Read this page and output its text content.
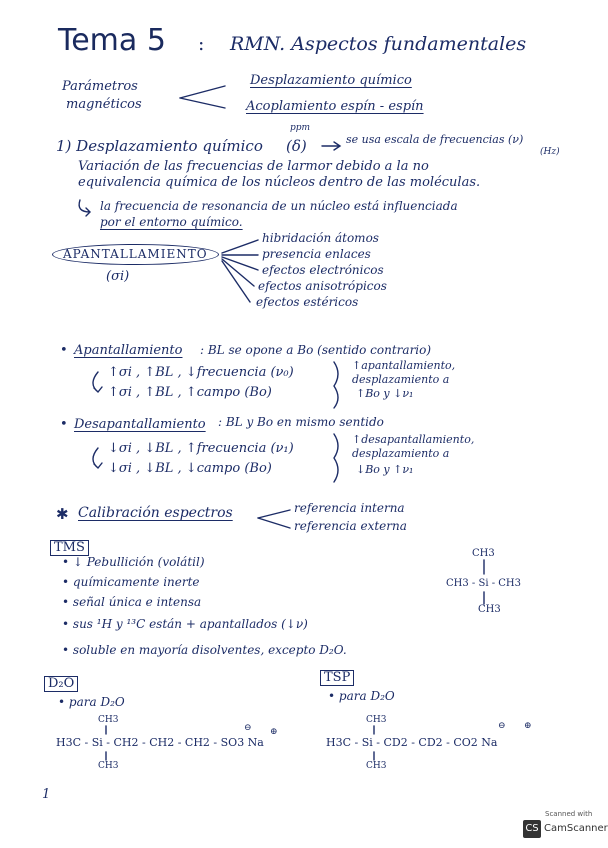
Tema 5 : RMN. Aspectos fundamentales
Parámetros
magnéticos
Desplazamiento químico
Acoplamiento espín - espín
1) Desplazamiento químico (δ)
ppm
se usa escala de frecuencias (ν)
(Hz)
Variación de las frecuencias de larmor debido a la no
equivalencia química de los núcleos dentro de las moléculas.
la frecuencia de resonancia de un núcleo está influenciada
por el entorno químico.
APANTALLAMIENTO
(σi)
hibridación átomos
presencia enlaces
efectos electrónicos
efectos anisotrópicos
efectos estéricos
• Apantallamiento : BL se opone a Bo (sentido contrario)
↑σi , ↑BL , ↓frecuencia (ν₀)
↑σi , ↑BL , ↑campo (Bo)
↑apantallamiento,
desplazamiento a
↑Bo y ↓ν₁
• Desapantallamiento : BL y Bo en mismo sentido
↓σi , ↓BL , ↑frecuencia (ν₁)
↓σi , ↓BL , ↓campo (Bo)
↑desapantallamiento,
desplazamiento a
↓Bo y ↑ν₁
✱ Calibración espectros	referencia interna
referencia externa
TMS
• ↓ Pebullición (volátil)
• químicamente inerte
• señal única e intensa
• sus ¹H y ¹³C están + apantallados (↓ν)
• soluble en mayoría disolventes, excepto D₂O.
CH3
CH3 - Si - CH3
CH3
D₂O
• para D₂O
CH3
H3C - Si - CH2 - CH2 - CH2 - SO3 Na
⊖ ⊕
CH3
TSP
• para D₂O
CH3
H3C - Si - CD2 - CD2 - CO2 Na
⊖ ⊕
CH3
1
Scanned with
CS CamScanner
